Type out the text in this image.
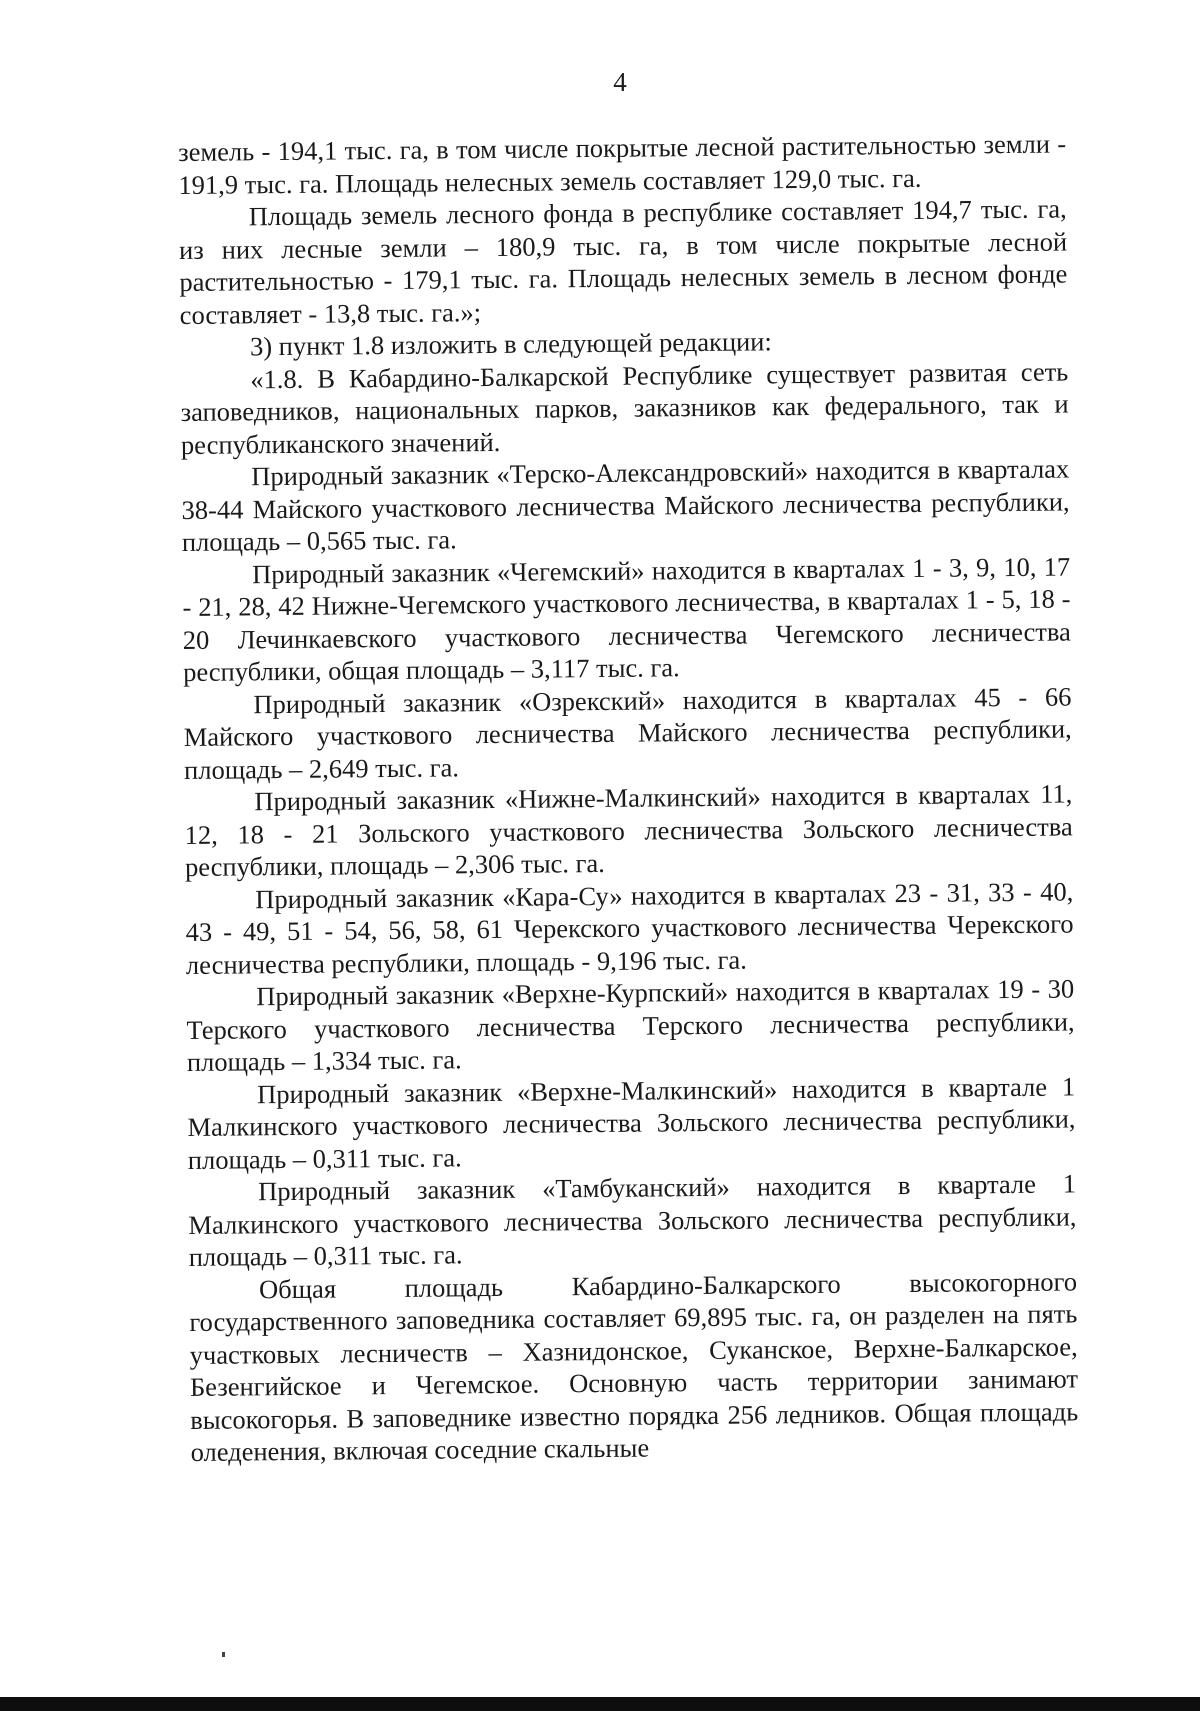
4

земель - 194,1 тыс. га, в том числе покрытые лесной растительностью земли - 191,9 тыс. га. Площадь нелесных земель составляет 129,0 тыс. га.

Площадь земель лесного фонда в республике составляет 194,7 тыс. га, из них лесные земли – 180,9 тыс. га, в том числе покрытые лесной растительностью - 179,1 тыс. га. Площадь нелесных земель в лесном фонде составляет - 13,8 тыс. га.»;

3) пункт 1.8 изложить в следующей редакции:

«1.8. В Кабардино-Балкарской Республике существует развитая сеть заповедников, национальных парков, заказников как федерального, так и республиканского значений.

Природный заказник «Терско-Александровский» находится в кварталах 38-44 Майского участкового лесничества Майского лесничества республики, площадь – 0,565 тыс. га.

Природный заказник «Чегемский» находится в кварталах 1 - 3, 9, 10, 17 - 21, 28, 42 Нижне-Чегемского участкового лесничества, в кварталах 1 - 5, 18 - 20 Лечинкаевского участкового лесничества Чегемского лесничества республики, общая площадь – 3,117 тыс. га.

Природный заказник «Озрекский» находится в кварталах 45 - 66 Майского участкового лесничества Майского лесничества республики, площадь – 2,649 тыс. га.

Природный заказник «Нижне-Малкинский» находится в кварталах 11, 12, 18 - 21 Зольского участкового лесничества Зольского лесничества республики, площадь – 2,306 тыс. га.

Природный заказник «Кара-Су» находится в кварталах 23 - 31, 33 - 40, 43 - 49, 51 - 54, 56, 58, 61 Черекского участкового лесничества Черекского лесничества республики, площадь - 9,196 тыс. га.

Природный заказник «Верхне-Курпский» находится в кварталах 19 - 30 Терского участкового лесничества Терского лесничества республики, площадь – 1,334 тыс. га.

Природный заказник «Верхне-Малкинский» находится в квартале 1 Малкинского участкового лесничества Зольского лесничества республики, площадь – 0,311 тыс. га.

Природный заказник «Тамбуканский» находится в квартале 1 Малкинского участкового лесничества Зольского лесничества республики, площадь – 0,311 тыс. га.

Общая площадь Кабардино-Балкарского высокогорного государственного заповедника составляет 69,895 тыс. га, он разделен на пять участковых лесничеств – Хазнидонское, Суканское, Верхне-Балкарское, Безенгийское и Чегемское. Основную часть территории занимают высокогорья. В заповеднике известно порядка 256 ледников. Общая площадь оледенения, включая соседние скальные
